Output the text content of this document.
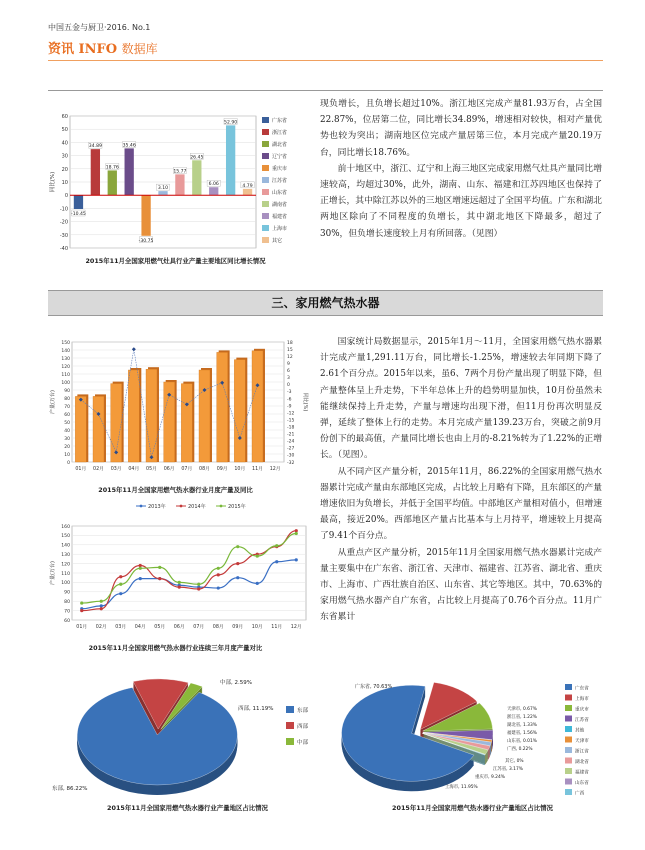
中国五金与厨卫·2016. No.1
资讯 INFO 数据库
60
50
40
30
20
10
0
-10
-20
-30
-40
同比(%)
-10.45
34.89
18.76
35.46
-30.75
3.10
15.77
26.45
6.06
52.90
4.79
广东省
浙江省
湖北省
辽宁省
重庆市
江苏省
山东省
湖南省
福建省
上海市
其它
2015年11月全国家用燃气灶具行业产量主要地区同比增长情况

现负增长，且负增长超过10%。浙江地区完成产量81.93万台，占全国22.87%，位居第二位，同比增长34.89%，增速相对较快，相对产量优势也较为突出；湖南地区位完成产量居第三位，本月完成产量20.19万台，同比增长18.76%。

前十地区中，浙江、辽宁和上海三地区完成家用燃气灶具产量同比增速较高，均超过30%，此外，湖南、山东、福建和江苏四地区也保持了正增长，其中除江苏以外的三地区增速远超过了全国平均值。广东和湖北两地区除向了不同程度的负增长，其中湖北地区下降最多，超过了30%，但负增长速度较上月有所回落。（见图）

三、家用燃气热水器
150
140
130
120
110
100
90
80
70
60
50
40
30
20
10
0
18
15
12
9
6
3
0
-3
-6
-9
-12
-15
-18
-21
-24
-27
-30
-32
产量(万台)	同比(%)
01月 02月 03月 04月 05月 06月 07月 08月 09月 10月 11月 12月
2015年11月全国家用燃气热水器行业月度产量及同比
2013年	2014年	2015年
160
150
140
130
120
110
100
90
80
70
60
产量(万台)
01月 02月 03月 04月 05月 06月 07月 08月 09月 10月 11月 12月
2015年11月全国家用燃气热水器行业连续三年月度产量对比

国家统计局数据显示，2015年1月～11月，全国家用燃气热水器累计完成产量1,291.11万台，同比增长-1.25%，增速较去年同期下降了2.61个百分点。2015年以来，虽6、7两个月份产量出现了明显下降，但产量整体呈上升走势，下半年总体上升的趋势明显加快，10月份虽然未能继续保持上升走势，产量与增速均出现下滑，但11月份再次明显反弹，延续了整体上行的走势。本月完成产量139.23万台，突破之前9月份创下的最高值，产量同比增长也由上月的-8.21%转为了1.22%的正增长。（见图）。

从不同产区产量分析，2015年11月，86.22%的全国家用燃气热水器累计完成产量由东部地区完成，占比较上月略有下降，且东部区的产量增速依旧为负增长，并低于全国平均值。中部地区产量相对值小，但增速最高，接近20%。西部地区产量占比基本与上月持平，增速较上月提高了9.41个百分点。

从重点产区产量分析，2015年11月全国家用燃气热水器累计完成产量主要集中在广东省、浙江省、天津市、福建省、江苏省、湖北省、重庆市、上海市、广西壮族自治区、山东省、其它等地区。其中，70.63%的家用燃气热水器产自广东省，占比较上月提高了0.76个百分点。11月广东省累计

东部, 86.22%
西部, 11.19%
中部, 2.59%
东部
西部
中部
2015年11月全国家用燃气热水器行业产量地区占比情况
广东省, 70.63%
上海市, 11.95%
重庆市, 9.24%
江苏省, 3.17%
其它, 0%
天津市, 0.67%
浙江省, 1.22%
湖北省, 1.33%
福建省, 1.56%
山东省, 0.01%
广西, 0.22%
广东省
上海市
重庆市
江苏省
其他
天津市
浙江省
湖北省
福建省
山东省
广西
2015年11月全国家用燃气热水器行业产量地区占比情况
